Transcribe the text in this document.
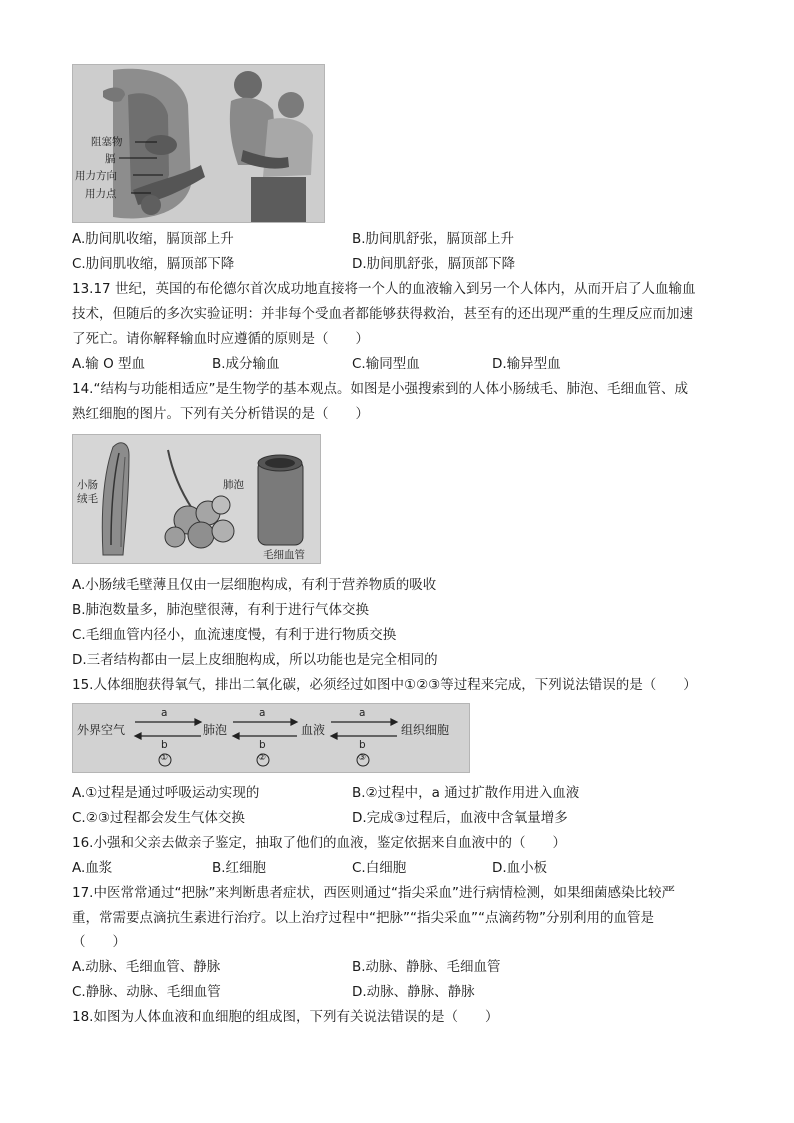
阻塞物
膈
用力方向
用力点
A.肋间肌收缩，膈顶部上升	B.肋间肌舒张，膈顶部上升
C.肋间肌收缩，膈顶部下降	D.肋间肌舒张，膈顶部下降
13.17 世纪，英国的布伦德尔首次成功地直接将一个人的血液输入到另一个人体内，从而开启了人血输血
技术，但随后的多次实验证明：并非每个受血者都能够获得救治，甚至有的还出现严重的生理反应而加速
了死亡。请你解释输血时应遵循的原则是（　　）
A.输 O 型血	B.成分输血	C.输同型血	D.输异型血
14.“结构与功能相适应”是生物学的基本观点。如图是小强搜索到的人体小肠绒毛、肺泡、毛细血管、成
熟红细胞的图片。下列有关分析错误的是（　　）
小肠
绒毛
肺泡
毛细血管
A.小肠绒毛壁薄且仅由一层细胞构成，有利于营养物质的吸收
B.肺泡数量多，肺泡壁很薄，有利于进行气体交换
C.毛细血管内径小，血流速度慢，有利于进行物质交换
D.三者结构都由一层上皮细胞构成，所以功能也是完全相同的
15.人体细胞获得氧气，排出二氧化碳，必须经过如图中①②③等过程来完成，下列说法错误的是（　　）
外界空气	肺泡	血液	组织细胞
a	a	a
b	b	b
①	②	③
A.①过程是通过呼吸运动实现的	B.②过程中，a 通过扩散作用进入血液
C.②③过程都会发生气体交换	D.完成③过程后，血液中含氧量增多
16.小强和父亲去做亲子鉴定，抽取了他们的血液，鉴定依据来自血液中的（　　）
A.血浆	B.红细胞	C.白细胞	D.血小板
17.中医常常通过“把脉”来判断患者症状，西医则通过“指尖采血”进行病情检测，如果细菌感染比较严
重，常需要点滴抗生素进行治疗。以上治疗过程中“把脉”“指尖采血”“点滴药物”分别利用的血管是
（　　）
A.动脉、毛细血管、静脉	B.动脉、静脉、毛细血管
C.静脉、动脉、毛细血管	D.动脉、静脉、静脉
18.如图为人体血液和血细胞的组成图，下列有关说法错误的是（　　）
